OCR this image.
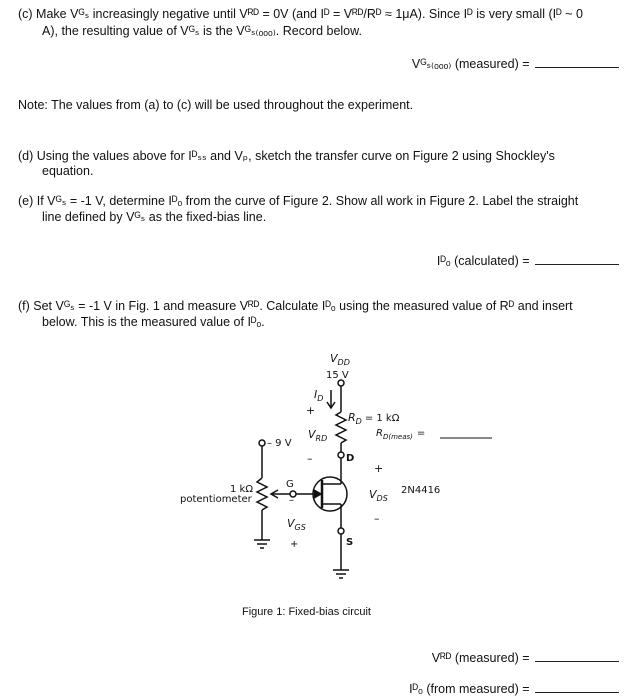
(c) Make Vᴳₛ increasingly negative until Vᴿᴰ = 0V (and Iᴰ = Vᴿᴰ/Rᴰ ≈ 1μA). Since Iᴰ is very small (Iᴰ ~ 0
A), the resulting value of Vᴳₛ is the Vᴳₛ₍ₒₒₒ₎. Record below.
Vᴳₛ₍ₒₒₒ₎ (measured) =
Note: The values from (a) to (c) will be used throughout the experiment.
(d) Using the values above for Iᴰₛₛ and Vₚ, sketch the transfer curve on Figure 2 using Shockley's
equation.
(e) If Vᴳₛ = -1 V, determine Iᴰₒ from the curve of Figure 2. Show all work in Figure 2. Label the straight
line defined by Vᴳₛ as the fixed-bias line.
Iᴰₒ (calculated) =
(f) Set Vᴳₛ = -1 V in Fig. 1 and measure Vᴿᴰ. Calculate Iᴰₒ using the measured value of Rᴰ and insert
below. This is the measured value of Iᴰₒ.
$V_{DD}$
15 V
$I_D$
$R_D = 1$ kΩ
$R_{D(meas)}$ =
+
$V_{RD}$
–
– 9 V
D
+
G
$V_{DS}$
2N4416
–
1 kΩ
potentiometer	–
$V_{GS}$
+	S
Figure 1: Fixed-bias circuit
Vᴿᴰ (measured) =
Iᴰₒ (from measured) =
